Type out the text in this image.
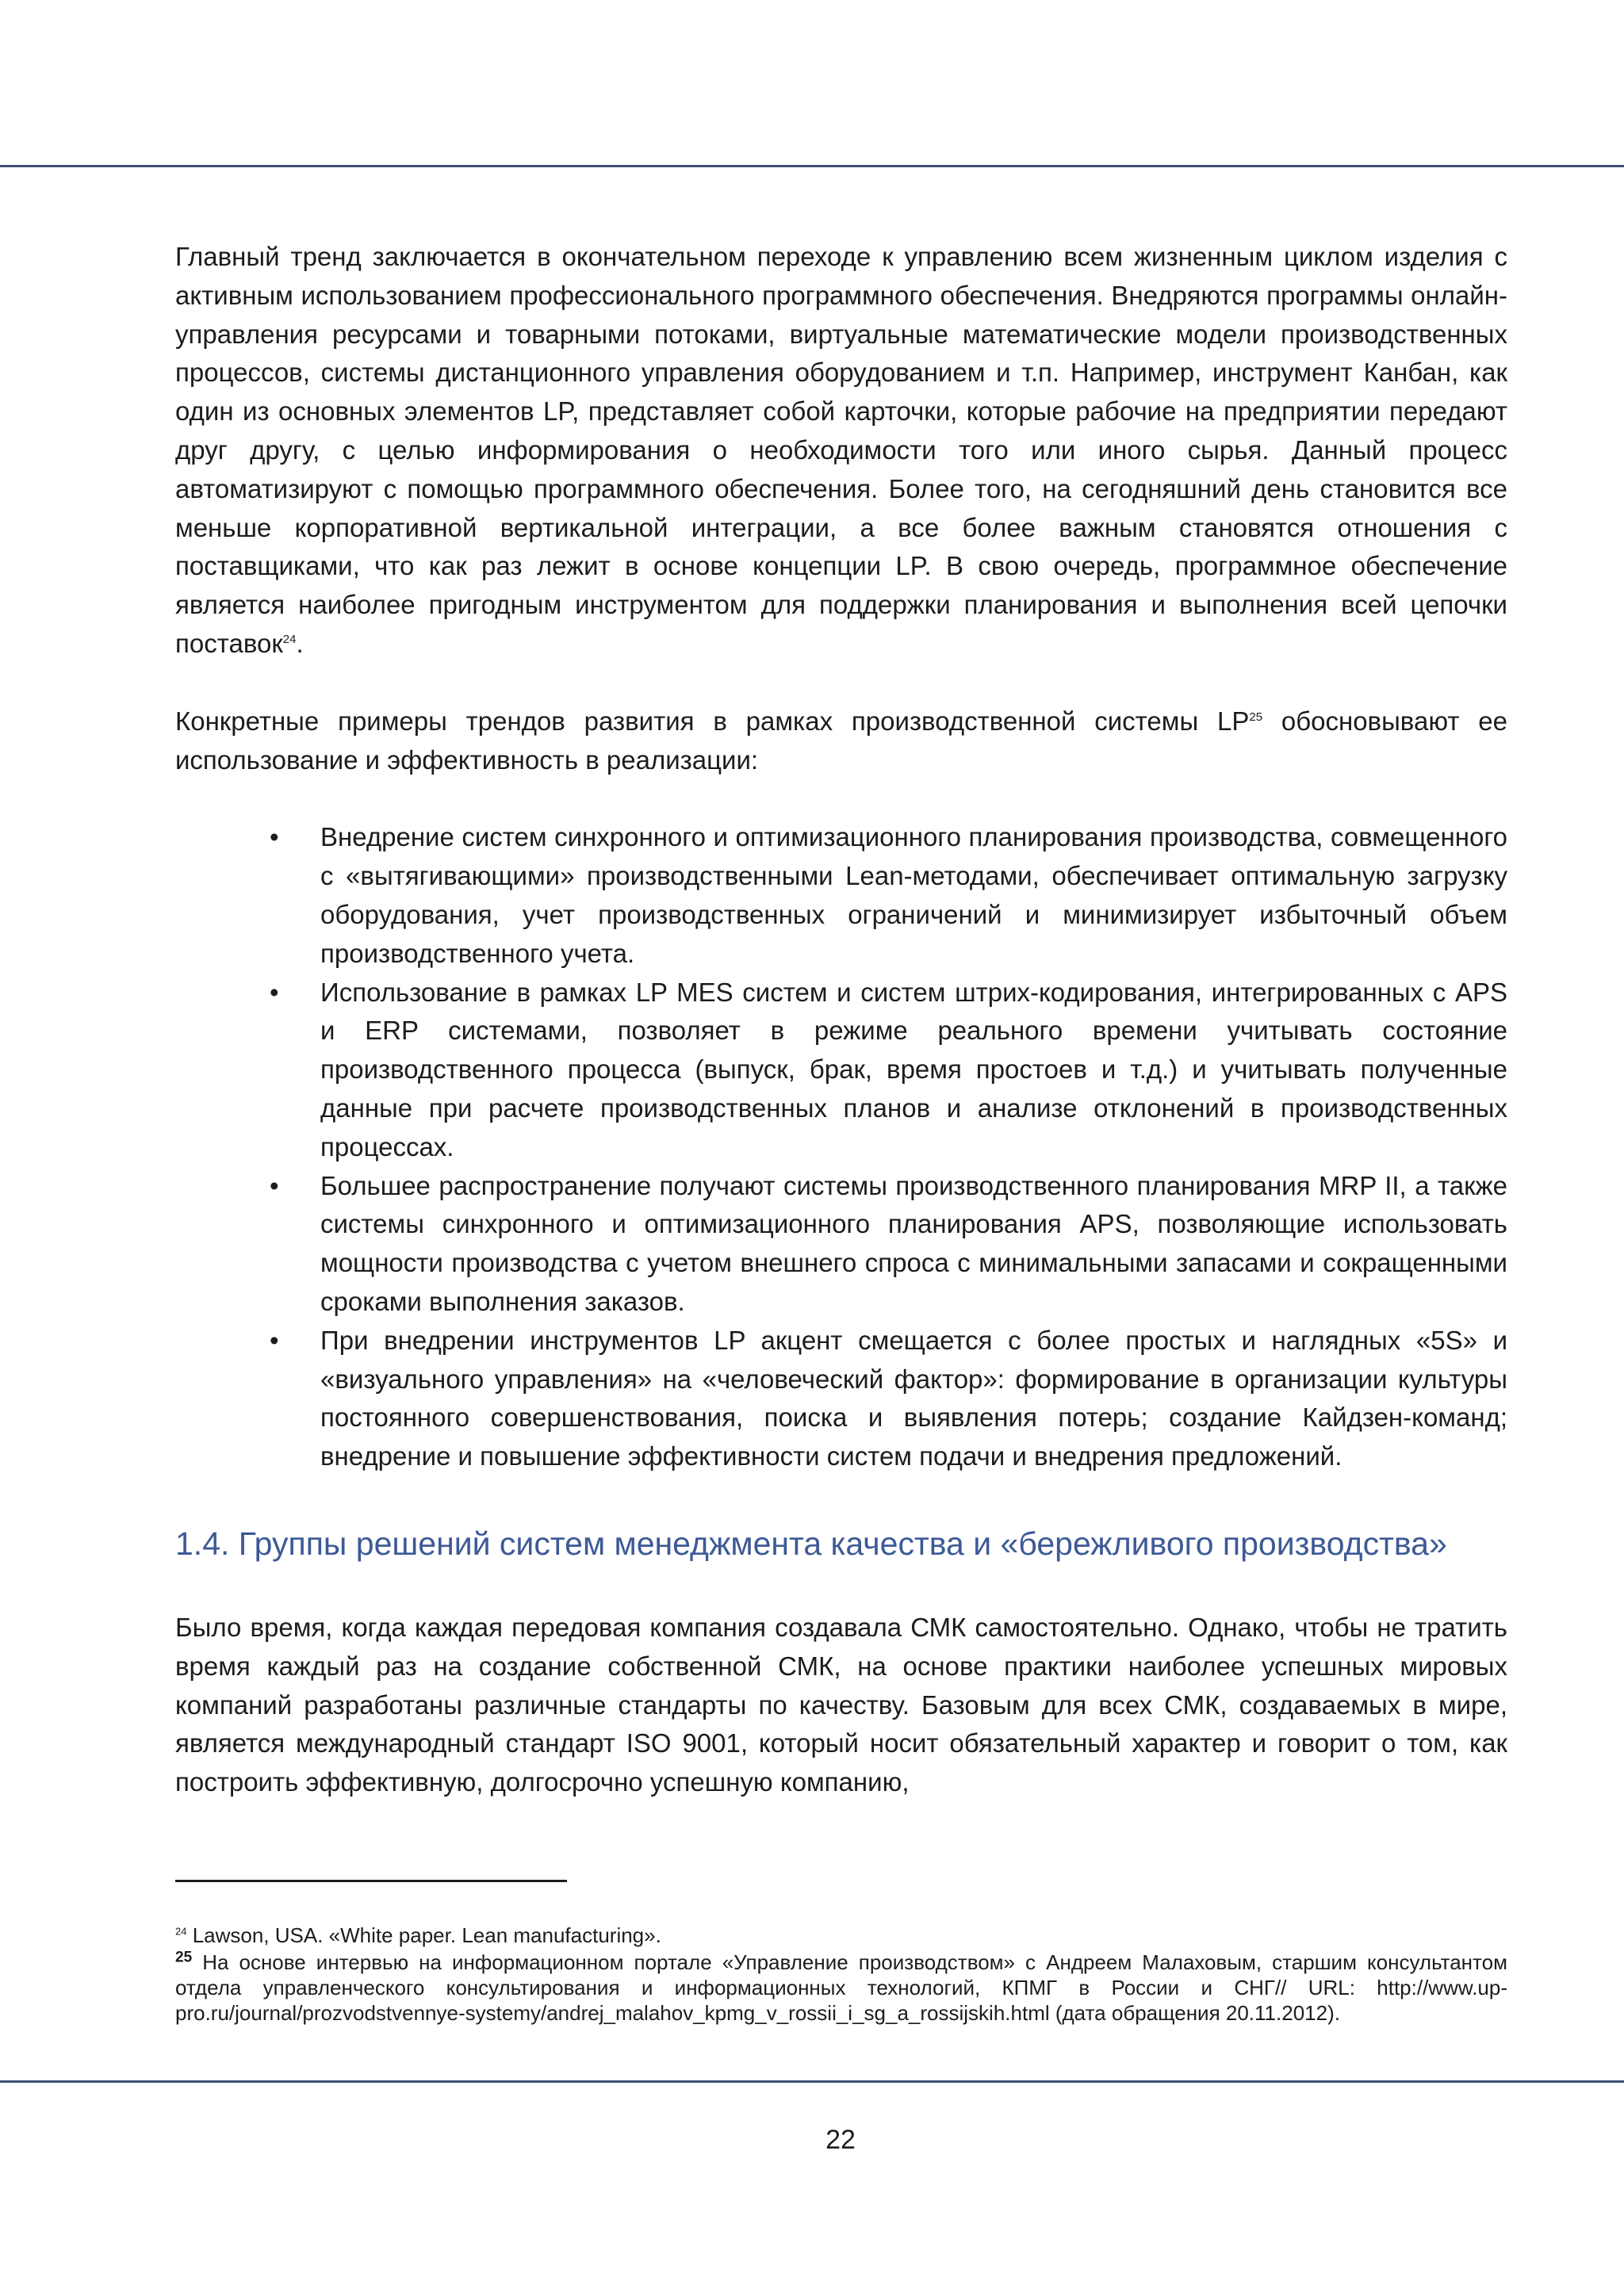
Главный тренд заключается в окончательном переходе к управлению всем жизненным циклом изделия с активным использованием профессионального программного обеспечения. Внедряются программы онлайн-управления ресурсами и товарными потоками, виртуальные математические модели производственных процессов, системы дистанционного управления оборудованием и т.п. Например, инструмент Канбан, как один из основных элементов LP, представляет собой карточки, которые рабочие на предприятии передают друг другу, с целью информирования о необходимости того или иного сырья. Данный процесс автоматизируют с помощью программного обеспечения. Более того, на сегодняшний день становится все меньше корпоративной вертикальной интеграции, а все более важным становятся отношения с поставщиками, что как раз лежит в основе концепции LP. В свою очередь, программное обеспечение является наиболее пригодным инструментом для поддержки планирования и выполнения всей цепочки поставок$^{24}$.

Конкретные примеры трендов развития в рамках производственной системы LP$^{25}$ обосновывают ее использование и эффективность в реализации:

• Внедрение систем синхронного и оптимизационного планирования производства, совмещенного с «вытягивающими» производственными Lean-методами, обеспечивает оптимальную загрузку оборудования, учет производственных ограничений и минимизирует избыточный объем производственного учета.
• Использование в рамках LP MES систем и систем штрих-кодирования, интегрированных с APS и ERP системами, позволяет в режиме реального времени учитывать состояние производственного процесса (выпуск, брак, время простоев и т.д.) и учитывать полученные данные при расчете производственных планов и анализе отклонений в производственных процессах.
• Большее распространение получают системы производственного планирования MRP II, а также системы синхронного и оптимизационного планирования APS, позволяющие использовать мощности производства с учетом внешнего спроса с минимальными запасами и сокращенными сроками выполнения заказов.
• При внедрении инструментов LP акцент смещается с более простых и наглядных «5S» и «визуального управления» на «человеческий фактор»: формирование в организации культуры постоянного совершенствования, поиска и выявления потерь; создание Кайдзен-команд; внедрение и повышение эффективности систем подачи и внедрения предложений.
1.4. Группы решений систем менеджмента качества и «бережливого производства»

Было время, когда каждая передовая компания создавала СМК самостоятельно. Однако, чтобы не тратить время каждый раз на создание собственной СМК, на основе практики наиболее успешных мировых компаний разработаны различные стандарты по качеству. Базовым для всех СМК, создаваемых в мире, является международный стандарт ISO 9001, который носит обязательный характер и говорит о том, как построить эффективную, долгосрочно успешную компанию,

$^{24}$ Lawson, USA. «White paper. Lean manufacturing».

$^{25}$ На основе интервью на информационном портале «Управление производством» с Андреем Малаховым, старшим консультантом отдела управленческого консультирования и информационных технологий, КПМГ в России и СНГ// URL: http://www.up-pro.ru/journal/prozvodstvennye-systemy/andrej_malahov_kpmg_v_rossii_i_sg_a_rossijskih.html (дата обращения 20.11.2012).

22
